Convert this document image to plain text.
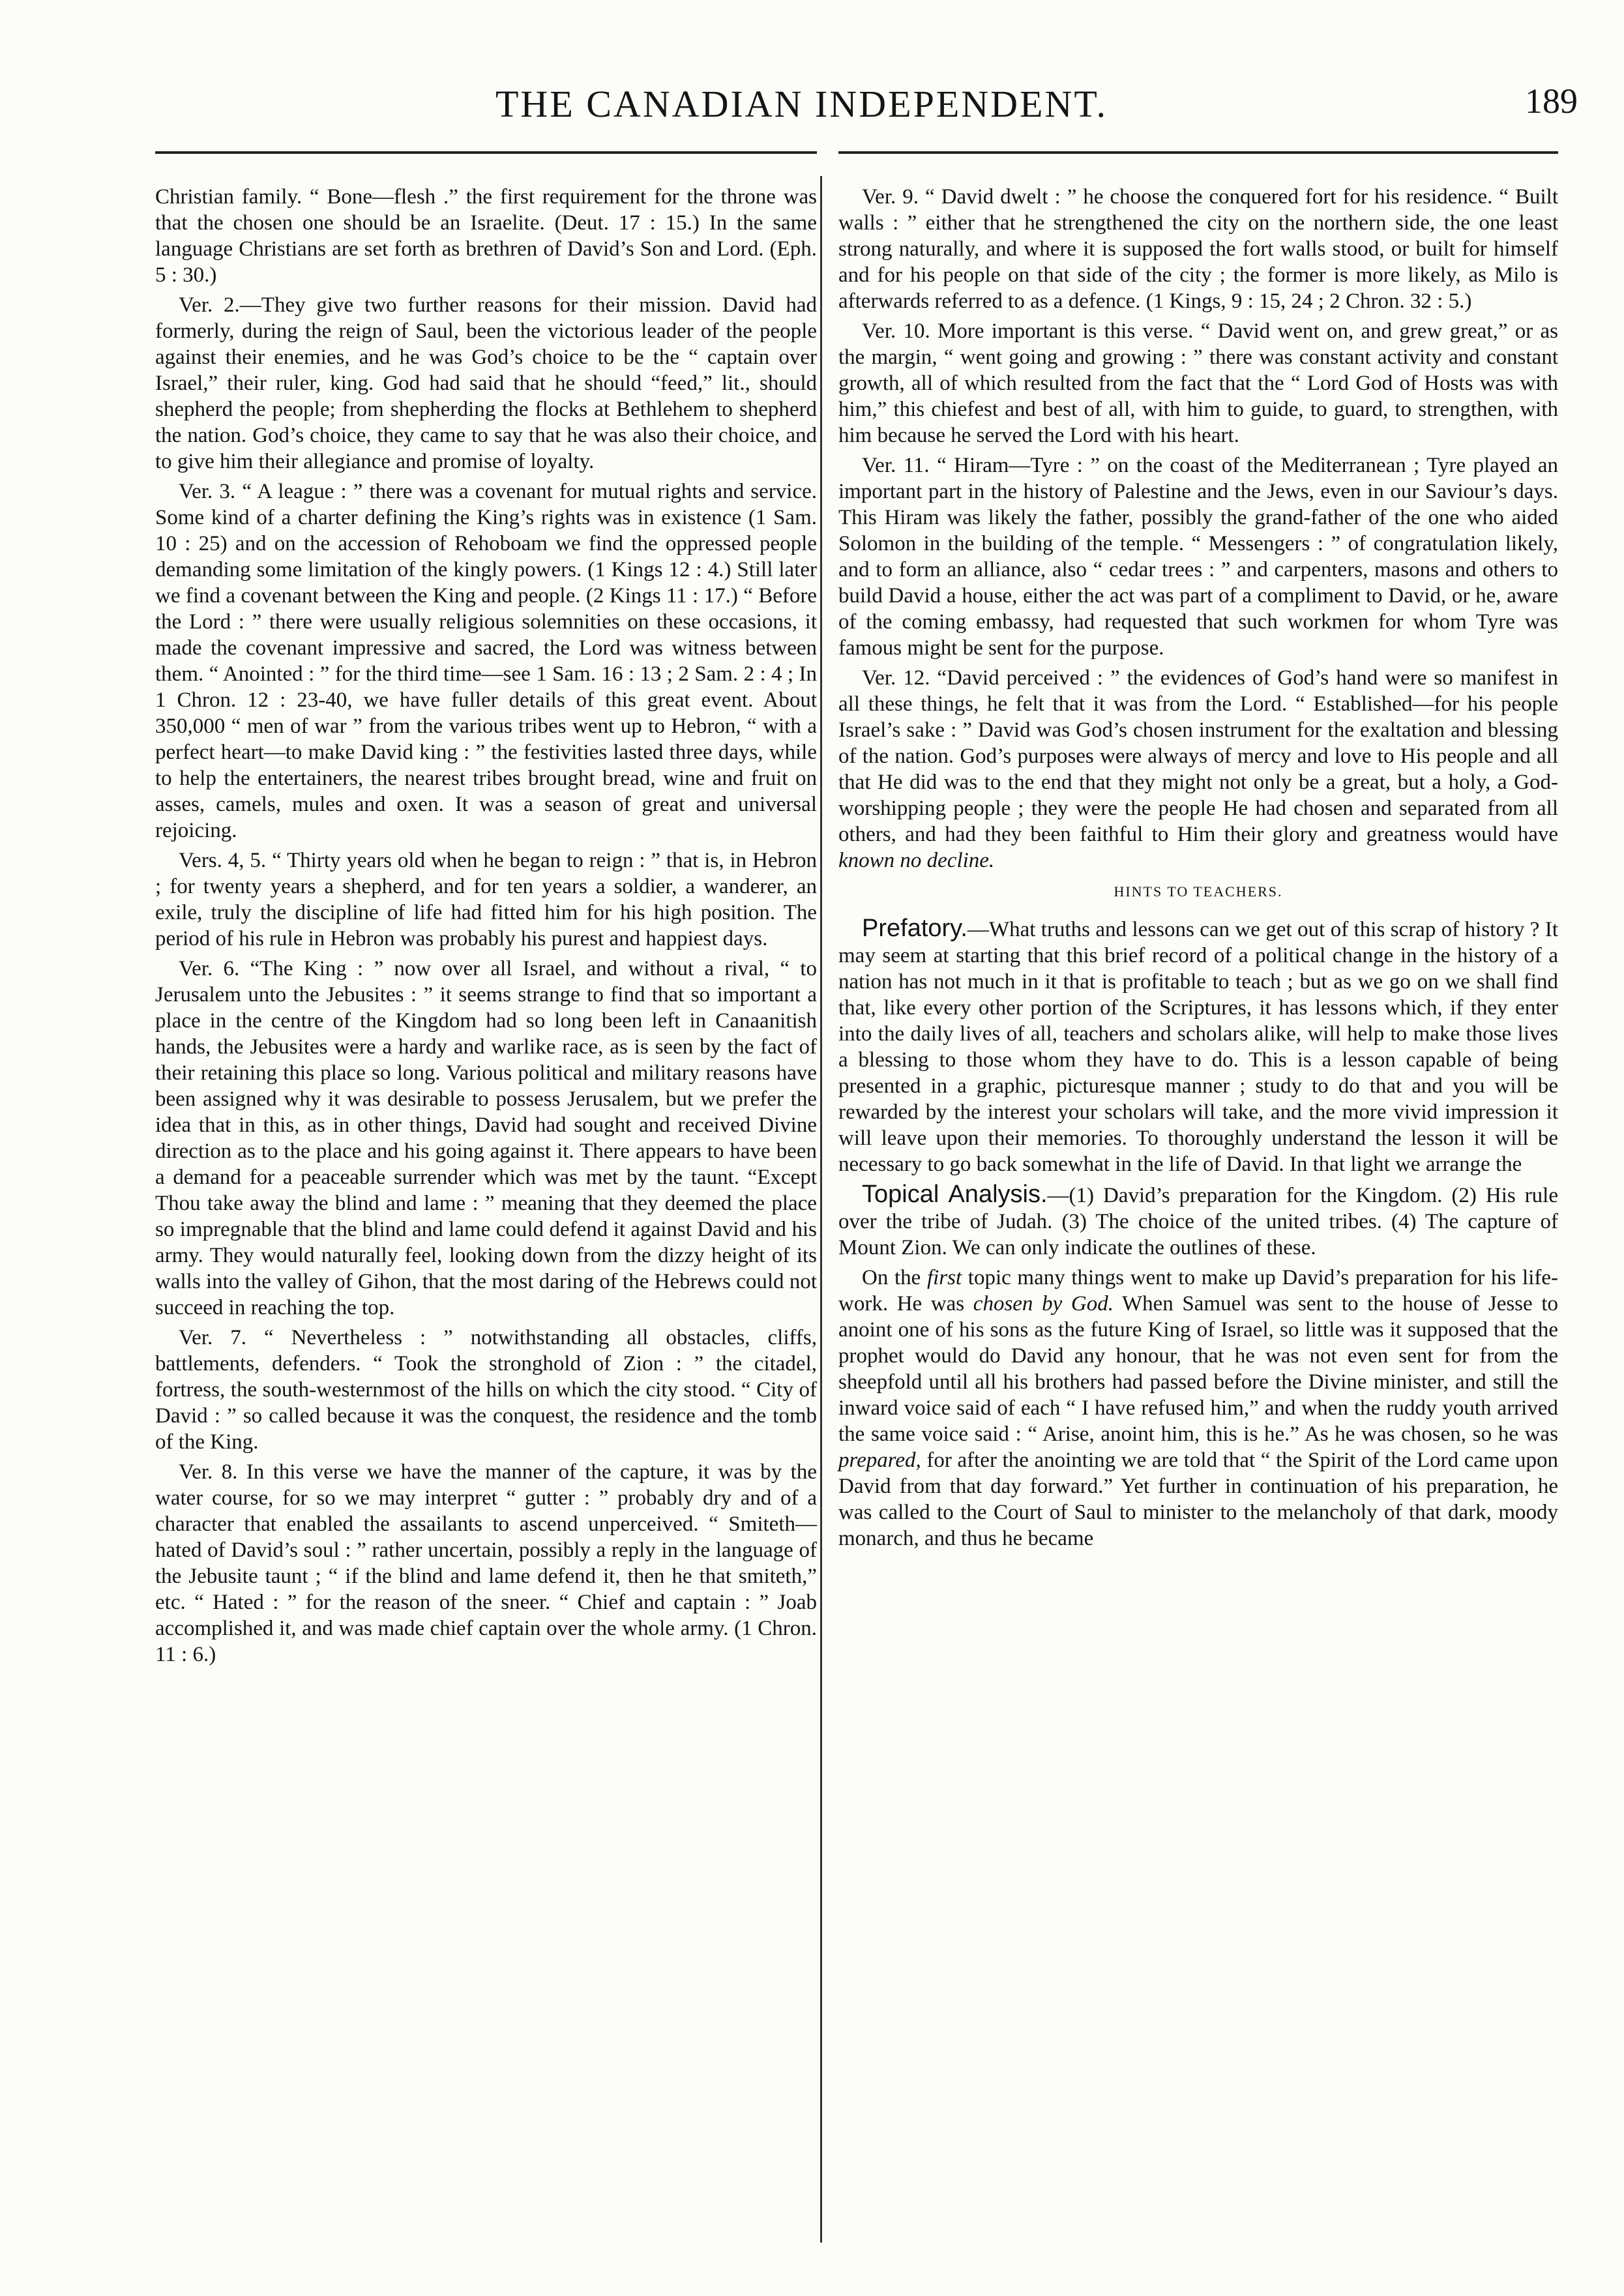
THE CANADIAN INDEPENDENT.	189

Christian family. “ Bone—flesh .” the first requirement for the throne was that the chosen one should be an Israelite. (Deut. 17 : 15.) In the same language Christians are set forth as brethren of David’s Son and Lord. (Eph. 5 : 30.)

Ver. 2.—They give two further reasons for their mission. David had formerly, during the reign of Saul, been the victorious leader of the people against their enemies, and he was God’s choice to be the “ captain over Israel,” their ruler, king. God had said that he should “feed,” lit., should shepherd the people; from shepherding the flocks at Bethlehem to shepherd the nation. God’s choice, they came to say that he was also their choice, and to give him their allegiance and promise of loyalty.

Ver. 3. “ A league : ” there was a covenant for mutual rights and service. Some kind of a charter defining the King’s rights was in existence (1 Sam. 10 : 25) and on the accession of Rehoboam we find the oppressed people demanding some limitation of the kingly powers. (1 Kings 12 : 4.) Still later we find a covenant between the King and people. (2 Kings 11 : 17.) “ Before the Lord : ” there were usually religious solemnities on these occasions, it made the covenant impressive and sacred, the Lord was witness between them. “ Anointed : ” for the third time—see 1 Sam. 16 : 13 ; 2 Sam. 2 : 4 ; In 1 Chron. 12 : 23-40, we have fuller details of this great event. About 350,000 “ men of war ” from the various tribes went up to Hebron, “ with a perfect heart—to make David king : ” the festivities lasted three days, while to help the entertainers, the nearest tribes brought bread, wine and fruit on asses, camels, mules and oxen. It was a season of great and universal rejoicing.

Vers. 4, 5. “ Thirty years old when he began to reign : ” that is, in Hebron ; for twenty years a shepherd, and for ten years a soldier, a wanderer, an exile, truly the discipline of life had fitted him for his high position. The period of his rule in Hebron was probably his purest and happiest days.

Ver. 6. “The King : ” now over all Israel, and without a rival, “ to Jerusalem unto the Jebusites : ” it seems strange to find that so important a place in the centre of the Kingdom had so long been left in Canaanitish hands, the Jebusites were a hardy and warlike race, as is seen by the fact of their retaining this place so long. Various political and military reasons have been assigned why it was desirable to possess Jerusalem, but we prefer the idea that in this, as in other things, David had sought and received Divine direction as to the place and his going against it. There appears to have been a demand for a peaceable surrender which was met by the taunt. “Except Thou take away the blind and lame : ” meaning that they deemed the place so impregnable that the blind and lame could defend it against David and his army. They would naturally feel, looking down from the dizzy height of its walls into the valley of Gihon, that the most daring of the Hebrews could not succeed in reaching the top.

Ver. 7. “ Nevertheless : ” notwithstanding all obstacles, cliffs, battlements, defenders. “ Took the stronghold of Zion : ” the citadel, fortress, the south-westernmost of the hills on which the city stood. “ City of David : ” so called because it was the conquest, the residence and the tomb of the King.

Ver. 8. In this verse we have the manner of the capture, it was by the water course, for so we may interpret “ gutter : ” probably dry and of a character that enabled the assailants to ascend unperceived. “ Smiteth—hated of David’s soul : ” rather uncertain, possibly a reply in the language of the Jebusite taunt ; “ if the blind and lame defend it, then he that smiteth,” etc. “ Hated : ” for the reason of the sneer. “ Chief and captain : ” Joab accomplished it, and was made chief captain over the whole army. (1 Chron. 11 : 6.)

Ver. 9. “ David dwelt : ” he choose the conquered fort for his residence. “ Built walls : ” either that he strengthened the city on the northern side, the one least strong naturally, and where it is supposed the fort walls stood, or built for himself and for his people on that side of the city ; the former is more likely, as Milo is afterwards referred to as a defence. (1 Kings, 9 : 15, 24 ; 2 Chron. 32 : 5.)

Ver. 10. More important is this verse. “ David went on, and grew great,” or as the margin, “ went going and growing : ” there was constant activity and constant growth, all of which resulted from the fact that the “ Lord God of Hosts was with him,” this chiefest and best of all, with him to guide, to guard, to strengthen, with him because he served the Lord with his heart.

Ver. 11. “ Hiram—Tyre : ” on the coast of the Mediterranean ; Tyre played an important part in the history of Palestine and the Jews, even in our Saviour’s days. This Hiram was likely the father, possibly the grand-father of the one who aided Solomon in the building of the temple. “ Messengers : ” of congratulation likely, and to form an alliance, also “ cedar trees : ” and carpenters, masons and others to build David a house, either the act was part of a compliment to David, or he, aware of the coming embassy, had requested that such workmen for whom Tyre was famous might be sent for the purpose.

Ver. 12. “David perceived : ” the evidences of God’s hand were so manifest in all these things, he felt that it was from the Lord. “ Established—for his people Israel’s sake : ” David was God’s chosen instrument for the exaltation and blessing of the nation. God’s purposes were always of mercy and love to His people and all that He did was to the end that they might not only be a great, but a holy, a God-worshipping people ; they were the people He had chosen and separated from all others, and had they been faithful to Him their glory and greatness would have known no decline.

HINTS TO TEACHERS.

Prefatory.—What truths and lessons can we get out of this scrap of history ? It may seem at starting that this brief record of a political change in the history of a nation has not much in it that is profitable to teach ; but as we go on we shall find that, like every other portion of the Scriptures, it has lessons which, if they enter into the daily lives of all, teachers and scholars alike, will help to make those lives a blessing to those whom they have to do. This is a lesson capable of being presented in a graphic, picturesque manner ; study to do that and you will be rewarded by the interest your scholars will take, and the more vivid impression it will leave upon their memories. To thoroughly understand the lesson it will be necessary to go back somewhat in the life of David. In that light we arrange the

Topical Analysis.—(1) David’s preparation for the Kingdom. (2) His rule over the tribe of Judah. (3) The choice of the united tribes. (4) The capture of Mount Zion. We can only indicate the outlines of these.

On the first topic many things went to make up David’s preparation for his life-work. He was chosen by God. When Samuel was sent to the house of Jesse to anoint one of his sons as the future King of Israel, so little was it supposed that the prophet would do David any honour, that he was not even sent for from the sheepfold until all his brothers had passed before the Divine minister, and still the inward voice said of each “ I have refused him,” and when the ruddy youth arrived the same voice said : “ Arise, anoint him, this is he.” As he was chosen, so he was prepared, for after the anointing we are told that “ the Spirit of the Lord came upon David from that day forward.” Yet further in continuation of his preparation, he was called to the Court of Saul to minister to the melancholy of that dark, moody monarch, and thus he became
